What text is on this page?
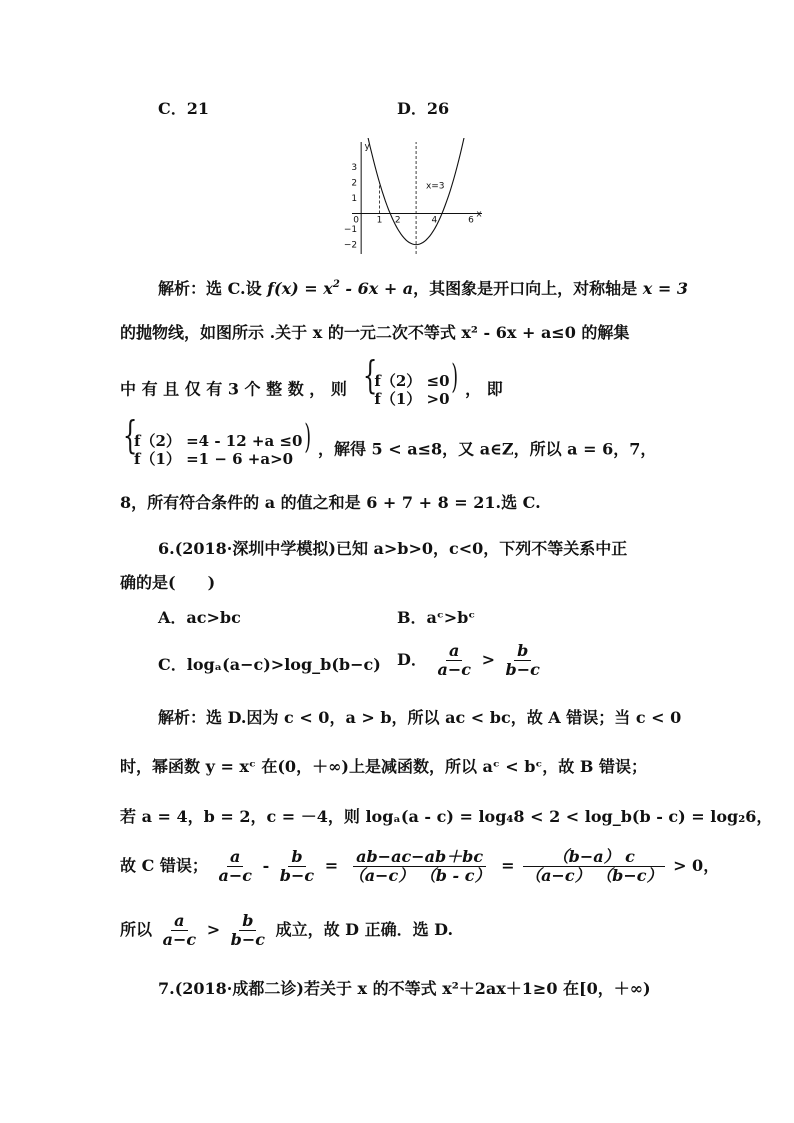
C．21	D．26
y
x
0
x=3
1 2	4	6
3
2
1
−1
−2
解析：选 C.设 $f(x) = x^2 - 6x + a$，其图象是开口向上，对称轴是 x = 3
的抛物线，如图所示 .关于 x 的一元二次不等式 x² - 6x + a≤0 的解集
中 有 且 仅 有 3 个 整 数 ， 则
{ f（2） ≤0
f（1） >0
) ， 即
{ f（2） =4 - 12 +a ≤0
f（1） =1 − 6 +a>0
) ，解得 5 < a≤8，又 a∈Z，所以 a = 6，7，
8，所有符合条件的 a 的值之和是 6 + 7 + 8 = 21.选 C.
6.(2018·深圳中学模拟)已知 a>b>0，c<0，下列不等关系中正
确的是(　　)
A．ac>bc	B．aᶜ>bᶜ
C．logₐ(a−c)>log_b(b−c) D． $\frac{a}{a-c} > \frac{b}{b-c}$
解析：选 D.因为 c < 0，a > b，所以 ac < bc，故 A 错误；当 c < 0
时，幂函数 y = xᶜ 在(0，＋∞)上是减函数，所以 aᶜ < bᶜ，故 B 错误；
若 a = 4，b = 2，c = －4，则 logₐ(a - c) = log₄8 < 2 < log_b(b - c) = log₂6，
故 C 错误； $\frac{a}{a-c} - \frac{b}{b-c} = \frac{ab-ac-ab+bc}{(a-c) (b - c)} = \frac{(b-a) c}{(a-c) (b-c)} > 0$，
所以 $\frac{a}{a-c} > \frac{b}{b-c}$ 成立，故 D 正确．选 D.
7.(2018·成都二诊)若关于 x 的不等式 x²＋2ax＋1≥0 在[0，＋∞)
